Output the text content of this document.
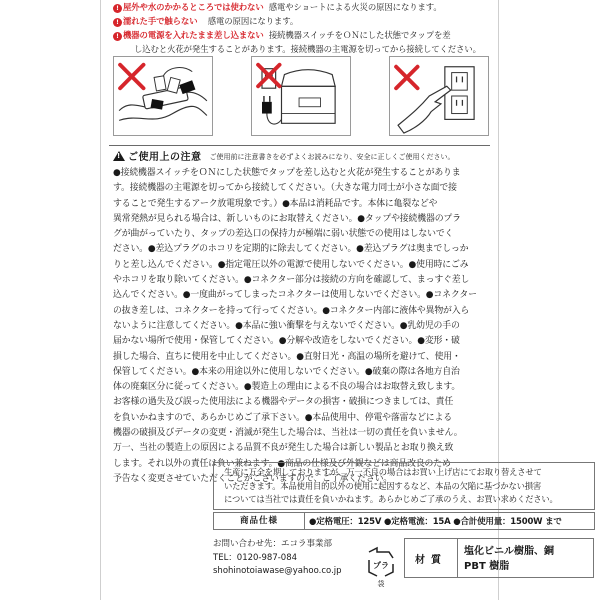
! 屋外や水のかかるところでは使わない 感電やショートによる火災の原因になります。
! 濡れた手で触らない 感電の原因になります。
! 機器の電源を入れたまま差し込まない 接続機器スイッチをＯＮにした状態でタップを差
し込むと火花が発生することがあります。接続機器の主電源を切ってから接続してください。
!ご使用上の注意 ご使用前に注意書きを必ずよくお読みになり、安全に正しくご使用ください。
●接続機器スイッチをＯＮにした状態でタップを差し込むと火花が発生することがありま
す。接続機器の主電源を切ってから接続してください。（大きな電力同士が小さな面で接
することで発生するアーク放電現象です。）●本品は消耗品です。本体に亀裂などや
異常発熱が見られる場合は、新しいものにお取替えください。●タップや接続機器のプラ
グが曲がっていたり、タップの差込口の保持力が極端に弱い状態での使用はしないでく
ださい。●差込プラグのホコリを定期的に除去してください。●差込プラグは奥までしっか
りと差し込んでください。●指定電圧以外の電源で使用しないでください。●使用時にごみ
やホコリを取り除いてください。●コネクター部分は接続の方向を確認して、まっすぐ差し
込んでください。●一度曲がってしまったコネクターは使用しないでください。●コネクター
の抜き差しは、コネクターを持って行ってください。●コネクター内部に液体や異物が入ら
ないように注意してください。●本品に強い衝撃を与えないでください。●乳幼児の手の
届かない場所で使用・保管してください。●分解や改造をしないでください。●変形・破
損した場合、直ちに使用を中止してください。●直射日光・高温の場所を避けて、使用・
保管してください。●本来の用途以外に使用しないでください。●破棄の際は各地方自治
体の廃棄区分に従ってください。●製造上の理由による不良の場合はお取替え致します。
お客様の過失及び誤った使用法による機器やデータの損害・破損につきましては、責任
を負いかねますので、あらかじめご了承下さい。●本品使用中、停電や落雷などによる
機器の破損及びデータの変更・消滅が発生した場合は、当社は一切の責任を負いません。
万一、当社の製造上の原因による品質不良が発生した場合は新しい製品とお取り換え致
します。それ以外の責任は負い兼ねます。●商品の仕様及び外観などは商品改良のため
予告なく変更させていただくことがございますので、ご了承ください。
生産に万全を期しておりますが、万一不良の場合はお買い上げ店にてお取り替えさせて
いただきます。本品使用目的以外の使用に起因するなど、本品の欠陥に基づかない損害
については当社では責任を負いかねます。あらかじめご了承のうえ、お買い求めください。
商品仕様	●定格電圧：125V ●定格電流：15A ●合計使用量：1500W まで
お問い合わせ先：エコラ事業部
TEL：0120-987-084
shohinotoiawase@yahoo.co.jp
プラ
袋
材質
塩化ビニル樹脂、銅
PBT 樹脂
